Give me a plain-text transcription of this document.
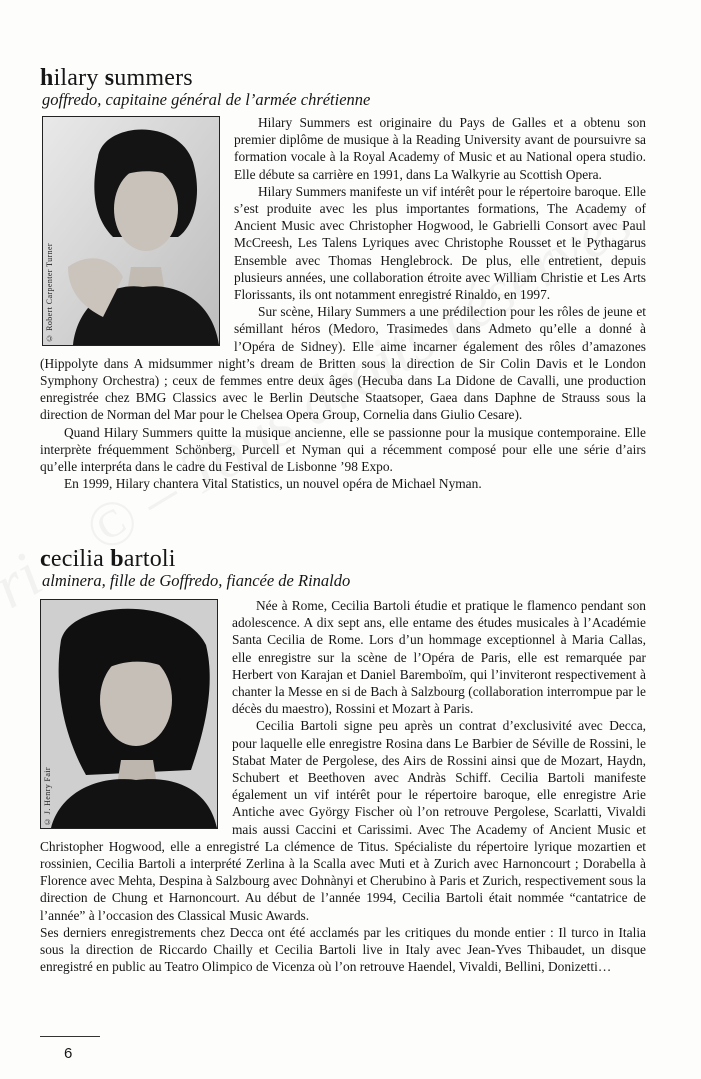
hilary summers
goffredo, capitaine général de l’armée chrétienne
© Robert Carpenter Turner

Hilary Summers est originaire du Pays de Galles et a obtenu son premier diplôme de musique à la Reading University avant de poursuivre sa formation vocale à la Royal Academy of Music et au National opera studio. Elle débute sa carrière en 1991, dans La Walkyrie au Scottish Opera.

Hilary Summers manifeste un vif intérêt pour le répertoire baroque. Elle s’est produite avec les plus importantes formations, The Academy of Ancient Music avec Christopher Hogwood, le Gabrielli Consort avec Paul McCreesh, Les Talens Lyriques avec Christophe Rousset et le Pythagarus Ensemble avec Thomas Henglebrock. De plus, elle entretient, depuis plusieurs années, une collaboration étroite avec William Christie et Les Arts Florissants, ils ont notamment enregistré Rinaldo, en 1997.

Sur scène, Hilary Summers a une prédilection pour les rôles de jeune et sémillant héros (Medoro, Trasimedes dans Admeto qu’elle a donné à l’Opéra de Sidney). Elle aime incarner également des rôles d’amazones (Hippolyte dans A midsummer night’s dream de Britten sous la direction de Sir Colin Davis et le London Symphony Orchestra) ; ceux de femmes entre deux âges (Hecuba dans La Didone de Cavalli, une production enregistrée chez BMG Classics avec le Berlin Deutsche Staatsoper, Gaea dans Daphne de Strauss sous la direction de Norman del Mar pour le Chelsea Opera Group, Cornelia dans Giulio Cesare).

Quand Hilary Summers quitte la musique ancienne, elle se passionne pour la musique contemporaine. Elle interprète fréquemment Schönberg, Purcell et Nyman qui a récemment composé pour elle une série d’airs qu’elle interpréta dans le cadre du Festival de Lisbonne ’98 Expo.

En 1999, Hilary chantera Vital Statistics, un nouvel opéra de Michael Nyman.

cecilia bartoli
alminera, fille de Goffredo, fiancée de Rinaldo
© J. Henry Fair

Née à Rome, Cecilia Bartoli étudie et pratique le flamenco pendant son adolescence. A dix sept ans, elle entame des études musicales à l’Académie Santa Cecilia de Rome. Lors d’un hommage exceptionnel à Maria Callas, elle enregistre sur la scène de l’Opéra de Paris, elle est remarquée par Herbert von Karajan et Daniel Baremboïm, qui l’inviteront respectivement à chanter la Messe en si de Bach à Salzbourg (collaboration interrompue par le décès du maestro), Rossini et Mozart à Paris.

Cecilia Bartoli signe peu après un contrat d’exclusivité avec Decca, pour laquelle elle enregistre Rosina dans Le Barbier de Séville de Rossini, le Stabat Mater de Pergolese, des Airs de Rossini ainsi que de Mozart, Haydn, Schubert et Beethoven avec Andràs Schiff. Cecilia Bartoli manifeste également un vif intérêt pour le répertoire baroque, elle enregistre Arie Antiche avec György Fischer où l’on retrouve Pergolese, Scarlatti, Vivaldi mais aussi Caccini et Carissimi. Avec The Academy of Ancient Music et Christopher Hogwood, elle a enregistré La clémence de Titus. Spécialiste du répertoire lyrique mozartien et rossinien, Cecilia Bartoli a interprété Zerlina à la Scalla avec Muti et à Zurich avec Harnoncourt ; Dorabella à Florence avec Mehta, Despina à Salzbourg avec Dohnànyi et Cherubino à Paris et Zurich, respectivement sous la direction de Chung et Harnoncourt. Au début de l’année 1994, Cecilia Bartoli était nommée “cantatrice de l’année” à l’occasion des Classical Music Awards.

Ses derniers enregistrements chez Decca ont été acclamés par les critiques du monde entier : Il turco in Italia sous la direction de Riccardo Chailly et Cecilia Bartoli live in Italy avec Jean-Yves Thibaudet, un disque enregistré en public au Teatro Olimpico de Vicenza où l’on retrouve Haendel, Vivaldi, Bellini, Donizetti…

6
